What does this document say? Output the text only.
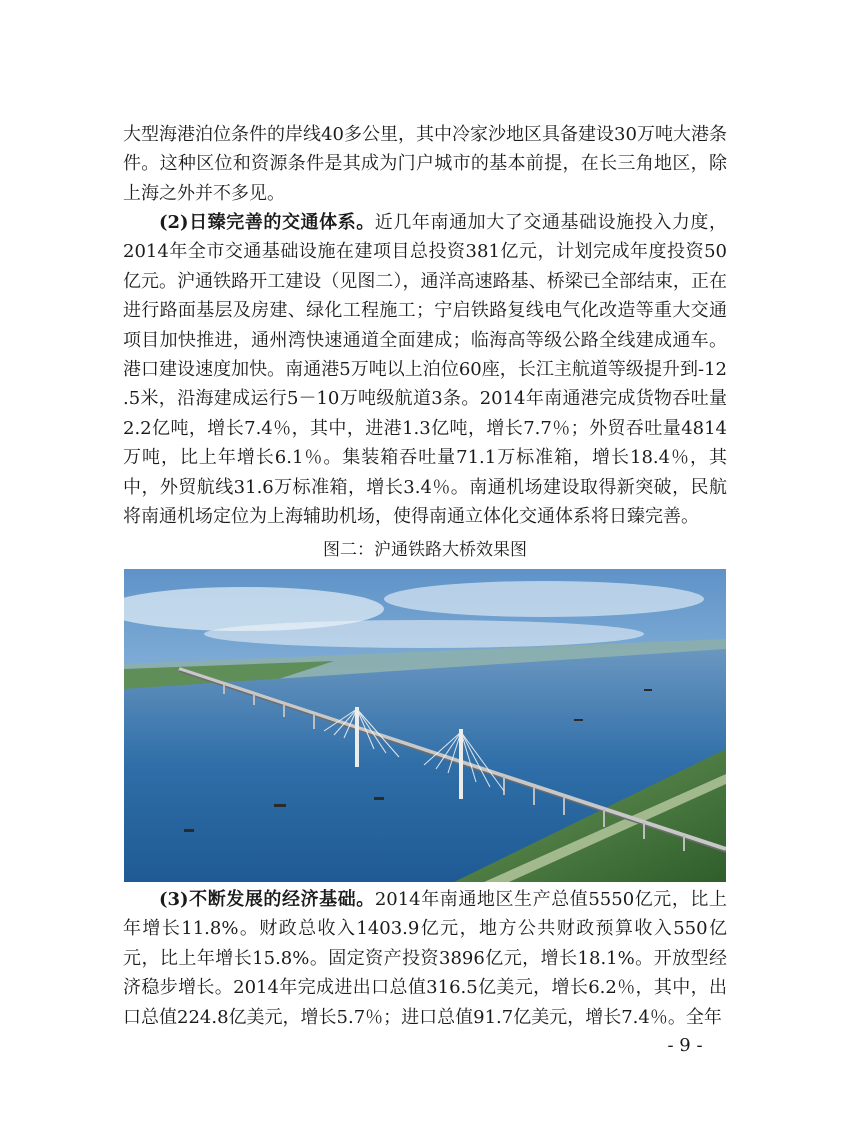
大型海港泊位条件的岸线40多公里，其中冷家沙地区具备建设30万吨大港条件。这种区位和资源条件是其成为门户城市的基本前提，在长三角地区，除上海之外并不多见。

(2)日臻完善的交通体系。近几年南通加大了交通基础设施投入力度，2014年全市交通基础设施在建项目总投资381亿元，计划完成年度投资50亿元。沪通铁路开工建设（见图二），通洋高速路基、桥梁已全部结束，正在进行路面基层及房建、绿化工程施工；宁启铁路复线电气化改造等重大交通项目加快推进，通州湾快速通道全面建成；临海高等级公路全线建成通车。港口建设速度加快。南通港5万吨以上泊位60座，长江主航道等级提升到-12 .5米，沿海建成运行5－10万吨级航道3条。2014年南通港完成货物吞吐量2.2亿吨，增长7.4％，其中，进港1.3亿吨，增长7.7％；外贸吞吐量4814万吨，比上年增长6.1％。集装箱吞吐量71.1万标准箱，增长18.4％，其中，外贸航线31.6万标准箱，增长3.4％。南通机场建设取得新突破，民航将南通机场定位为上海辅助机场，使得南通立体化交通体系将日臻完善。

图二：沪通铁路大桥效果图

(3)不断发展的经济基础。2014年南通地区生产总值5550亿元，比上年增长11.8%。财政总收入1403.9亿元，地方公共财政预算收入550亿元，比上年增长15.8%。固定资产投资3896亿元，增长18.1%。开放型经济稳步增长。2014年完成进出口总值316.5亿美元，增长6.2％，其中，出口总值224.8亿美元，增长5.7％；进口总值91.7亿美元，增长7.4％。全年

- 9 -
